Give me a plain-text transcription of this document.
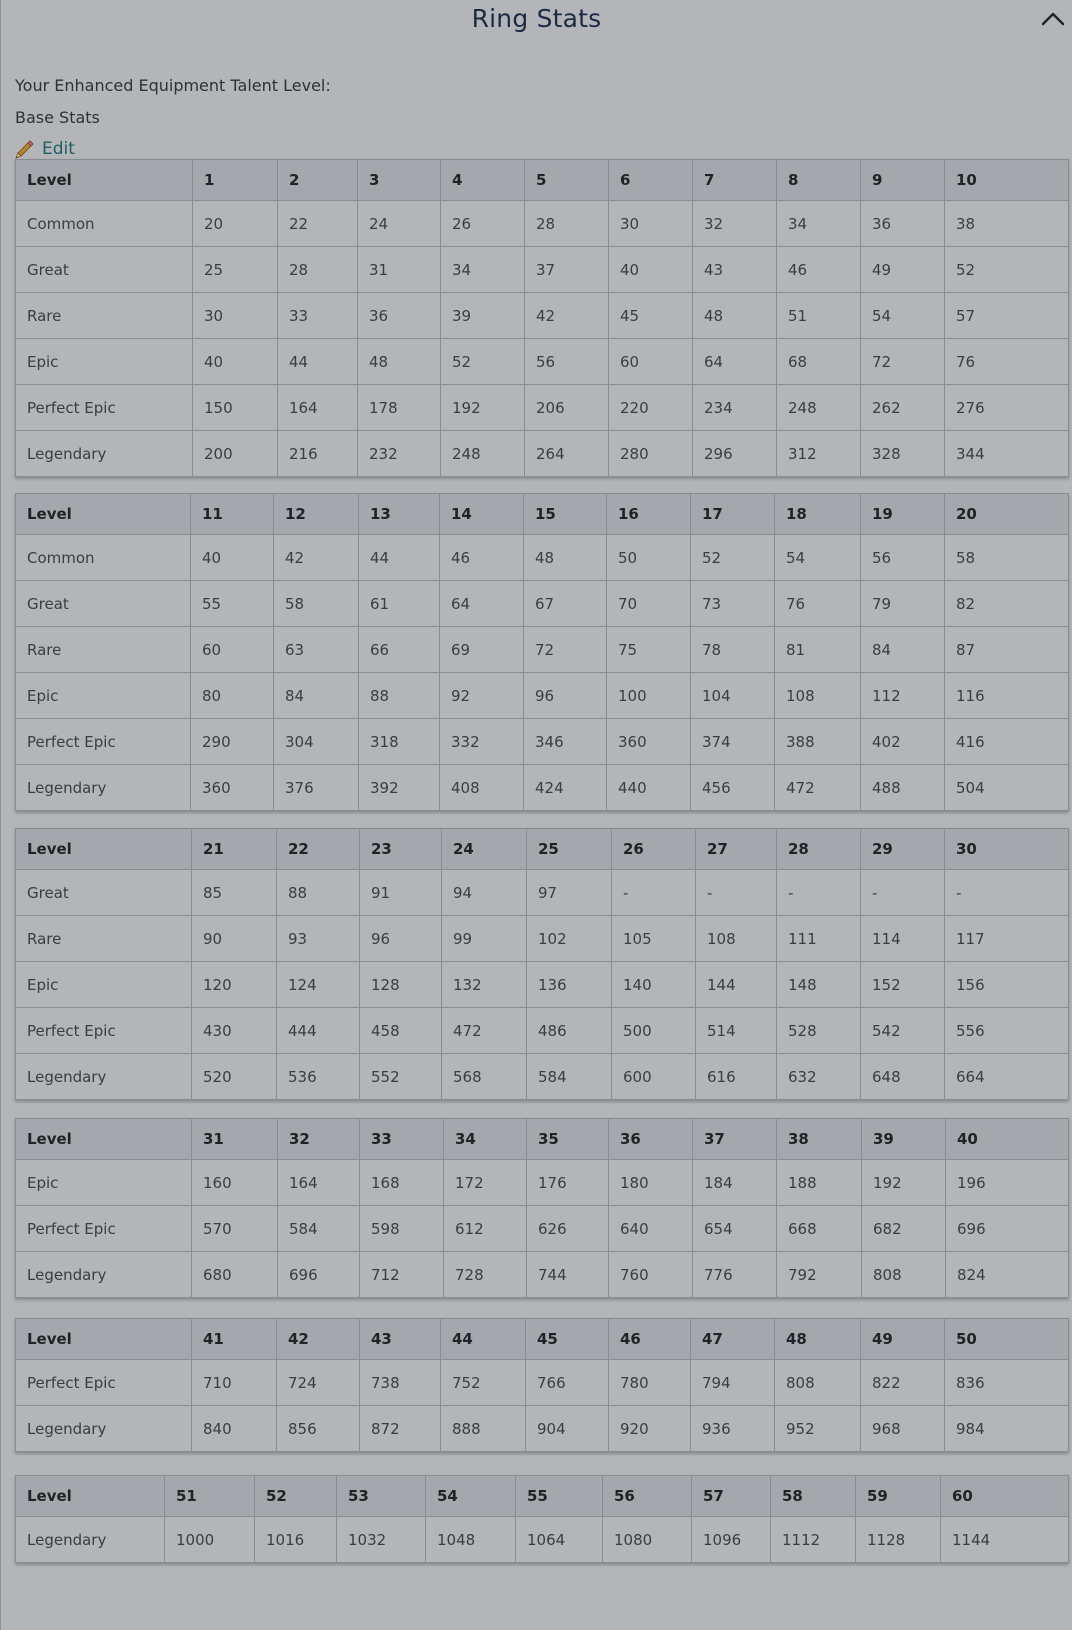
Ring Stats
Your Enhanced Equipment Talent Level:
Base Stats
Edit
Level	1	2	3	4	5	6	7	8	9	10
Common	20	22	24	26	28	30	32	34	36	38
Great	25	28	31	34	37	40	43	46	49	52
Rare	30	33	36	39	42	45	48	51	54	57
Epic	40	44	48	52	56	60	64	68	72	76
Perfect Epic	150	164	178	192	206	220	234	248	262	276
Legendary	200	216	232	248	264	280	296	312	328	344
Level	11	12	13	14	15	16	17	18	19	20
Common	40	42	44	46	48	50	52	54	56	58
Great	55	58	61	64	67	70	73	76	79	82
Rare	60	63	66	69	72	75	78	81	84	87
Epic	80	84	88	92	96	100	104	108	112	116
Perfect Epic	290	304	318	332	346	360	374	388	402	416
Legendary	360	376	392	408	424	440	456	472	488	504
Level	21	22	23	24	25	26	27	28	29	30
Great	85	88	91	94	97	-	-	-	-	-
Rare	90	93	96	99	102	105	108	111	114	117
Epic	120	124	128	132	136	140	144	148	152	156
Perfect Epic	430	444	458	472	486	500	514	528	542	556
Legendary	520	536	552	568	584	600	616	632	648	664
Level	31	32	33	34	35	36	37	38	39	40
Epic	160	164	168	172	176	180	184	188	192	196
Perfect Epic	570	584	598	612	626	640	654	668	682	696
Legendary	680	696	712	728	744	760	776	792	808	824
Level	41	42	43	44	45	46	47	48	49	50
Perfect Epic	710	724	738	752	766	780	794	808	822	836
Legendary	840	856	872	888	904	920	936	952	968	984
Level	51	52	53	54	55	56	57	58	59	60
Legendary	1000	1016	1032	1048	1064	1080	1096	1112	1128	1144
